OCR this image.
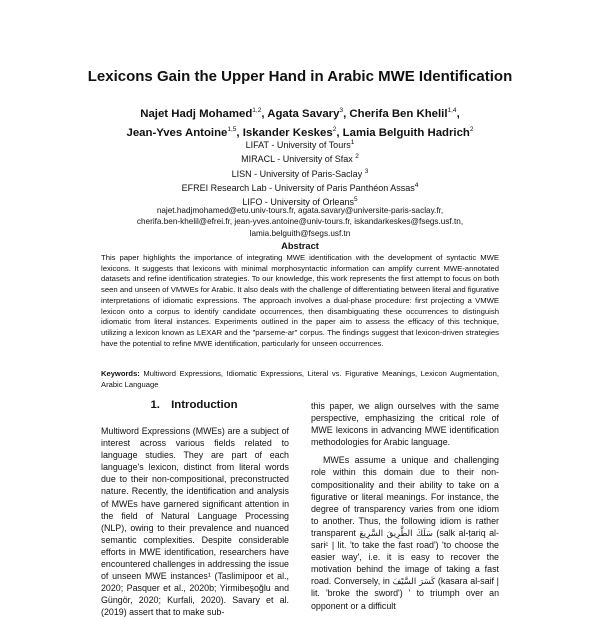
Lexicons Gain the Upper Hand in Arabic MWE Identification
Najet Hadj Mohamed$^{1,2}$, Agata Savary$^3$, Cherifa Ben Khelil$^{1,4}$,
Jean-Yves Antoine$^{1,5}$, Iskander Keskes$^2$, Lamia Belguith Hadrich$^2$
LIFAT - University of Tours$^1$
MIRACL - University of Sfax $^2$
LISN - University of Paris-Saclay $^3$
EFREI Research Lab - University of Paris Panthéon Assas$^4$
LIFO - University of Orleans$^5$
najet.hadjmohamed@etu.univ-tours.fr, agata.savary@universite-paris-saclay.fr,
cherifa.ben-khelil@efrei.fr, jean-yves.antoine@univ-tours.fr, iskandarkeskes@fsegs.usf.tn,
lamia.belguith@fsegs.usf.tn
Abstract
This paper highlights the importance of integrating MWE identification with the development of syntactic MWE lexicons. It suggests that lexicons with minimal morphosyntactic information can amplify current MWE-annotated datasets and refine identification strategies. To our knowledge, this work represents the first attempt to focus on both seen and unseen of VMWEs for Arabic. It also deals with the challenge of differentiating between literal and figurative interpretations of idiomatic expressions. The approach involves a dual-phase procedure: first projecting a VMWE lexicon onto a corpus to identify candidate occurrences, then disambiguating these occurrences to distinguish idiomatic from literal instances. Experiments outlined in the paper aim to assess the efficacy of this technique, utilizing a lexicon known as LEXAR and the "parseme-ar" corpus. The findings suggest that lexicon-driven strategies have the potential to refine MWE identification, particularly for unseen occurrences.
Keywords: Multiword Expressions, Idiomatic Expressions, Literal vs. Figurative Meanings, Lexicon Augmentation, Arabic Language
1. Introduction

Multiword Expressions (MWEs) are a subject of interest across various fields related to language studies. They are part of each language's lexicon, distinct from literal words due to their non-compositional, preconstructed nature. Recently, the identification and analysis of MWEs have garnered significant attention in the field of Natural Language Processing (NLP), owing to their prevalence and nuanced semantic complexities. Despite considerable efforts in MWE identification, researchers have encountered challenges in addressing the issue of unseen MWE instances¹ (Taslimipoor et al., 2020; Pasquer et al., 2020b; Yirmibeşoğlu and Güngör, 2020; Kurfali, 2020). Savary et al. (2019) assert that to make sub-

this paper, we align ourselves with the same perspective, emphasizing the critical role of MWE lexicons in advancing MWE identification methodologies for Arabic language.

MWEs assume a unique and challenging role within this domain due to their non-compositionality and their ability to take on a figurative or literal meanings. For instance, the degree of transparency varies from one idiom to another. Thus, the following idiom is rather transparent سَلَكَ الطَّرِيقَ السَّرِيعَ (salk al-ṭariq al-sariᶜ | lit. 'to take the fast road') 'to choose the easier way', i.e. it is easy to recover the motivation behind the image of taking a fast road. Conversely, in كَسَرَ السَّيْفَ (kasara al-saif | lit. 'broke the sword') ' to triumph over an opponent or a difficult
